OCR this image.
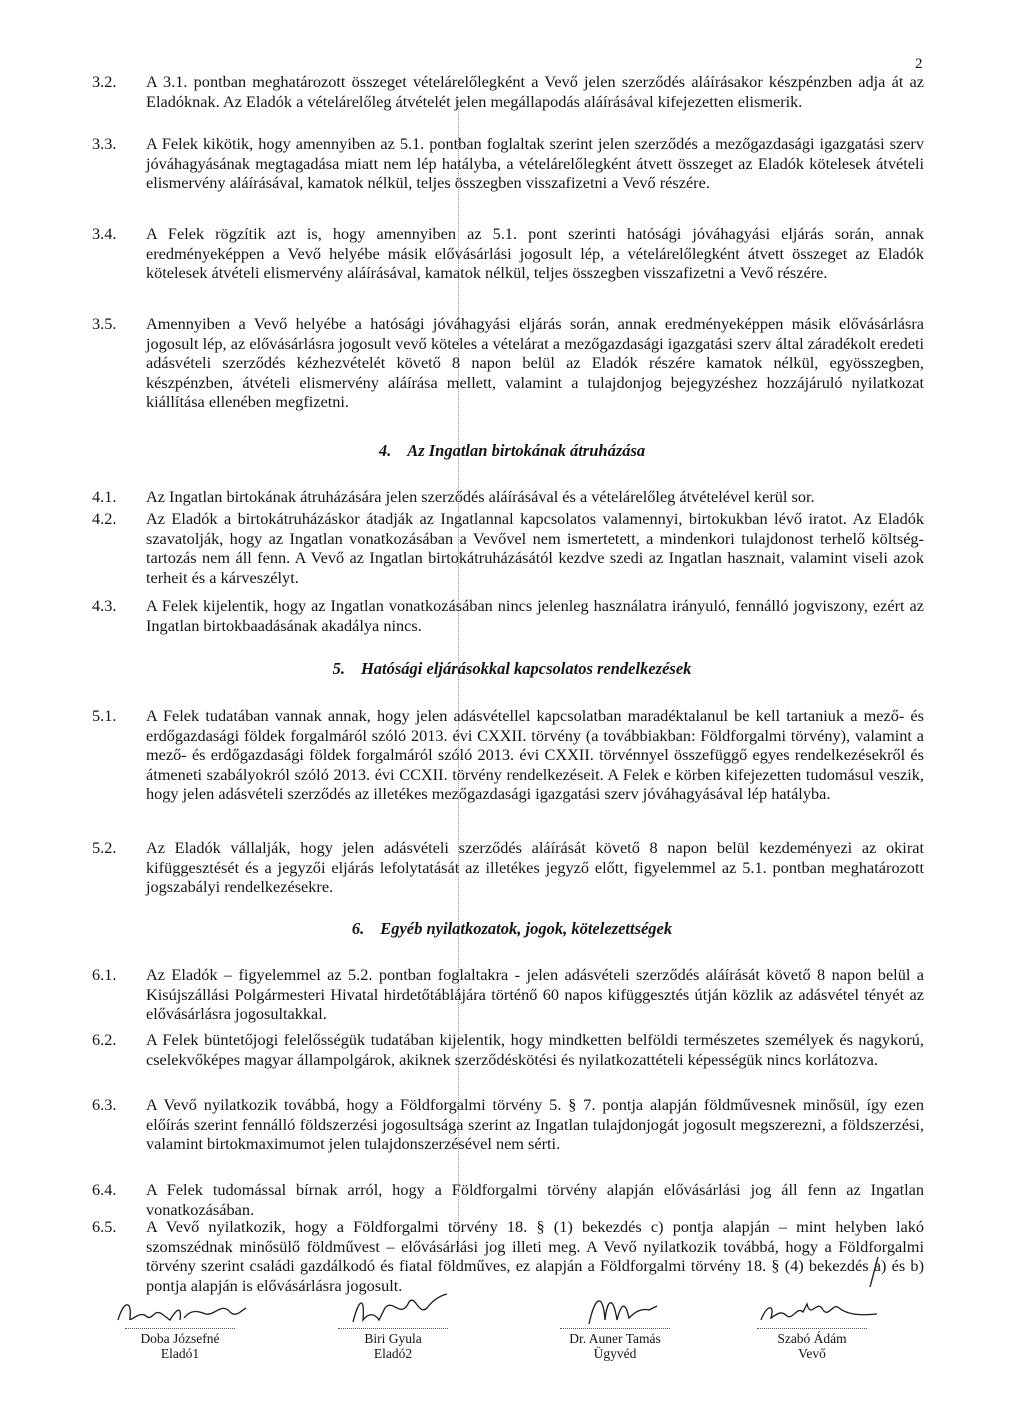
2
3.2. A 3.1. pontban meghatározott összeget vételárelőlegként a Vevő jelen szerződés aláírásakor készpénzben adja át az Eladóknak. Az Eladók a vételárelőleg átvételét jelen megállapodás aláírásával kifejezetten elismerik.
3.3. A Felek kikötik, hogy amennyiben az 5.1. pontban foglaltak szerint jelen szerződés a mezőgazdasági igazgatási szerv jóváhagyásának megtagadása miatt nem lép hatályba, a vételárelőlegként átvett összeget az Eladók kötelesek átvételi elismervény aláírásával, kamatok nélkül, teljes összegben visszafizetni a Vevő részére.
3.4. A Felek rögzítik azt is, hogy amennyiben az 5.1. pont szerinti hatósági jóváhagyási eljárás során, annak eredményeképpen a Vevő helyébe másik elővásárlási jogosult lép, a vételárelőlegként átvett összeget az Eladók kötelesek átvételi elismervény aláírásával, kamatok nélkül, teljes összegben visszafizetni a Vevő részére.
3.5. Amennyiben a Vevő helyébe a hatósági jóváhagyási eljárás során, annak eredményeképpen másik elővásárlásra jogosult lép, az elővásárlásra jogosult vevő köteles a vételárat a mezőgazdasági igazgatási szerv által záradékolt eredeti adásvételi szerződés kézhezvételét követő 8 napon belül az Eladók részére kamatok nélkül, egyösszegben, készpénzben, átvételi elismervény aláírása mellett, valamint a tulajdonjog bejegyzéshez hozzájáruló nyilatkozat kiállítása ellenében megfizetni.
4. Az Ingatlan birtokának átruházása
4.1. Az Ingatlan birtokának átruházására jelen szerződés aláírásával és a vételárelőleg átvételével kerül sor.
4.2. Az Eladók a birtokátruházáskor átadják az Ingatlannal kapcsolatos valamennyi, birtokukban lévő iratot. Az Eladók szavatolják, hogy az Ingatlan vonatkozásában a Vevővel nem ismertetett, a mindenkori tulajdonost terhelő költség-tartozás nem áll fenn. A Vevő az Ingatlan birtokátruházásától kezdve szedi az Ingatlan hasznait, valamint viseli azok terheit és a kárveszélyt.
4.3. A Felek kijelentik, hogy az Ingatlan vonatkozásában nincs jelenleg használatra irányuló, fennálló jogviszony, ezért az Ingatlan birtokbaadásának akadálya nincs.
5. Hatósági eljárásokkal kapcsolatos rendelkezések
5.1. A Felek tudatában vannak annak, hogy jelen adásvétellel kapcsolatban maradéktalanul be kell tartaniuk a mező- és erdőgazdasági földek forgalmáról szóló 2013. évi CXXII. törvény (a továbbiakban: Földforgalmi törvény), valamint a mező- és erdőgazdasági földek forgalmáról szóló 2013. évi CXXII. törvénnyel összefüggő egyes rendelkezésekről és átmeneti szabályokról szóló 2013. évi CCXII. törvény rendelkezéseit. A Felek e körben kifejezetten tudomásul veszik, hogy jelen adásvételi szerződés az illetékes mezőgazdasági igazgatási szerv jóváhagyásával lép hatályba.
5.2. Az Eladók vállalják, hogy jelen adásvételi szerződés aláírását követő 8 napon belül kezdeményezi az okirat kifüggesztését és a jegyzői eljárás lefolytatását az illetékes jegyző előtt, figyelemmel az 5.1. pontban meghatározott jogszabályi rendelkezésekre.
6. Egyéb nyilatkozatok, jogok, kötelezettségek
6.1. Az Eladók – figyelemmel az 5.2. pontban foglaltakra - jelen adásvételi szerződés aláírását követő 8 napon belül a Kisújszállási Polgármesteri Hivatal hirdetőtáblájára történő 60 napos kifüggesztés útján közlik az adásvétel tényét az elővásárlásra jogosultakkal.
6.2. A Felek büntetőjogi felelősségük tudatában kijelentik, hogy mindketten belföldi természetes személyek és nagykorú, cselekvőképes magyar állampolgárok, akiknek szerződéskötési és nyilatkozattételi képességük nincs korlátozva.
6.3. A Vevő nyilatkozik továbbá, hogy a Földforgalmi törvény 5. § 7. pontja alapján földművesnek minősül, így ezen előírás szerint fennálló földszerzési jogosultsága szerint az Ingatlan tulajdonjogát jogosult megszerezni, a földszerzési, valamint birtokmaximumot jelen tulajdonszerzésével nem sérti.
6.4. A Felek tudomással bírnak arról, hogy a Földforgalmi törvény alapján elővásárlási jog áll fenn az Ingatlan vonatkozásában.
6.5. A Vevő nyilatkozik, hogy a Földforgalmi törvény 18. § (1) bekezdés c) pontja alapján – mint helyben lakó szomszédnak minősülő földművest – elővásárlási jog illeti meg. A Vevő nyilatkozik továbbá, hogy a Földforgalmi törvény szerint családi gazdálkodó és fiatal földműves, ez alapján a Földforgalmi törvény 18. § (4) bekezdés a) és b) pontja alapján is elővásárlásra jogosult.
Doba Józsefné
Eladó1
Biri Gyula
Eladó2
Dr. Auner Tamás
Ügyvéd
Szabó Ádám
Vevő
